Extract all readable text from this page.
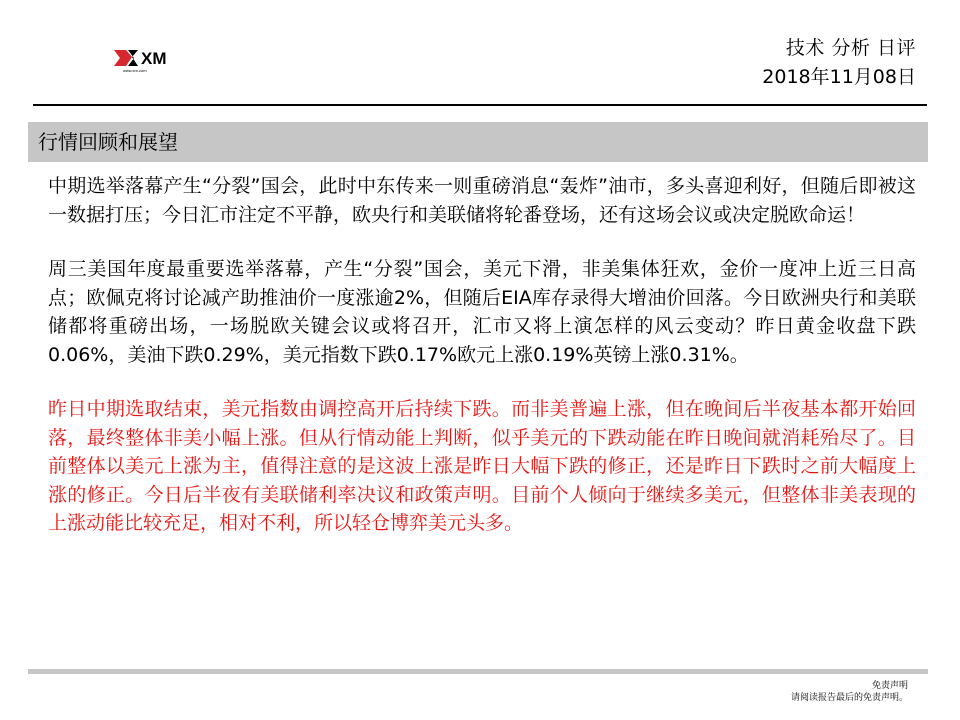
XM
www.xm.com
技术 分析 日评
2018年11月08日
行情回顾和展望

中期选举落幕产生“分裂”国会，此时中东传来一则重磅消息“轰炸”油市，多头喜迎利好，但随后即被这一数据打压；今日汇市注定不平静，欧央行和美联储将轮番登场，还有这场会议或决定脱欧命运！

周三美国年度最重要选举落幕，产生“分裂”国会，美元下滑，非美集体狂欢，金价一度冲上近三日高点；欧佩克将讨论减产助推油价一度涨逾2%，但随后EIA库存录得大增油价回落。今日欧洲央行和美联储都将重磅出场，一场脱欧关键会议或将召开，汇市又将上演怎样的风云变动？昨日黄金收盘下跌0.06%，美油下跌0.29%，美元指数下跌0.17%欧元上涨0.19%英镑上涨0.31%。

昨日中期选取结束，美元指数由调控高开后持续下跌。而非美普遍上涨，但在晚间后半夜基本都开始回落，最终整体非美小幅上涨。但从行情动能上判断，似乎美元的下跌动能在昨日晚间就消耗殆尽了。目前整体以美元上涨为主，值得注意的是这波上涨是昨日大幅下跌的修正，还是昨日下跌时之前大幅度上涨的修正。今日后半夜有美联储利率决议和政策声明。目前个人倾向于继续多美元，但整体非美表现的上涨动能比较充足，相对不利，所以轻仓博弈美元头多。

免责声明
请阅读报告最后的免责声明。
